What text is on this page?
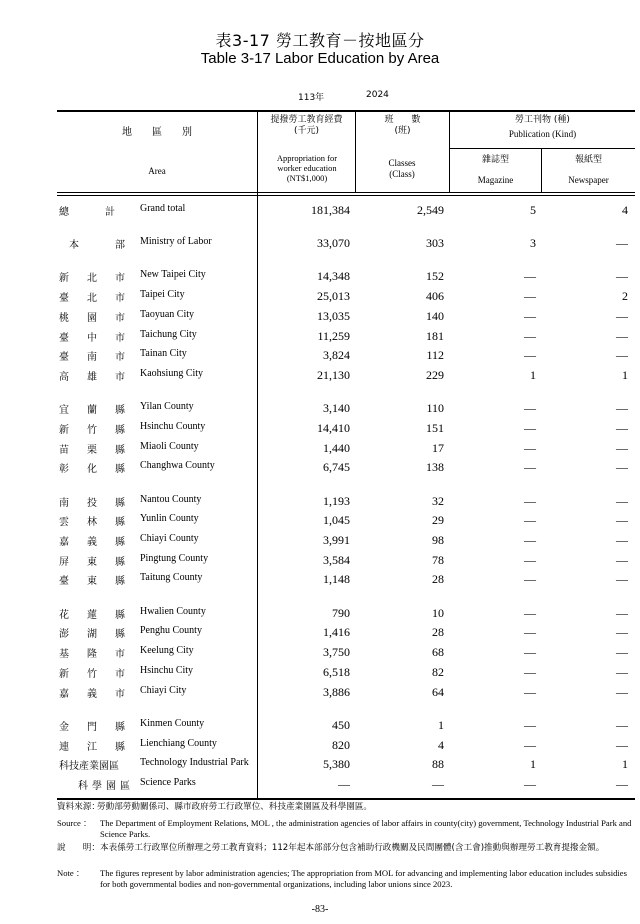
表3-17 勞工教育－按地區分
Table 3-17 Labor Education by Area
113年	2024
地　　區　　別
Area
提撥勞工教育經費
(千元)
Appropriation for worker education (NT$1,000)
班　　數
(班)
Classes (Class)
勞工刊物 (種)
Publication (Kind)
雜誌型
Magazine
報紙型
Newspaper
總	計	Grand total	181,384	2,549	5	4
本	部 Ministry of Labor	33,070	303	3	—
新 北 市 New Taipei City	14,348	152	—	—
臺 北 市 Taipei City	25,013	406	—	2
桃 園 市 Taoyuan City	13,035	140	—	—
臺 中 市 Taichung City	11,259	181	—	—
臺 南 市 Tainan City	3,824	112	—	—
高 雄 市 Kaohsiung City	21,130	229	1	1
宜 蘭 縣 Yilan County	3,140	110	—	—
新 竹 縣 Hsinchu County	14,410	151	—	—
苗 栗 縣 Miaoli County	1,440	17	—	—
彰 化 縣 Changhwa County	6,745	138	—	—
南 投 縣 Nantou County	1,193	32	—	—
雲 林 縣 Yunlin County	1,045	29	—	—
嘉 義 縣 Chiayi County	3,991	98	—	—
屏 東 縣 Pingtung County	3,584	78	—	—
臺 東 縣 Taitung County	1,148	28	—	—
花 蓮 縣 Hwalien County	790	10	—	—
澎 湖 縣 Penghu County	1,416	28	—	—
基 隆 市 Keelung City	3,750	68	—	—
新 竹 市 Hsinchu City	6,518	82	—	—
嘉 義 市 Chiayi City	3,886	64	—	—
金 門 縣 Kinmen County	450	1	—	—
連 江 縣 Lienchiang County	820	4	—	—
科技產業園區 Technology Industrial Park	5,380	88	1	1
科學園區 Science Parks	—	—	—	—
資料來源：
勞動部勞動關係司、縣市政府勞工行政單位、科技產業園區及科學園區。
Source ： The Department of Employment Relations, MOL , the administration agencies of labor affairs in county(city) government, Technology Industrial Park and Science Parks.
說　　明： 本表係勞工行政單位所辦理之勞工教育資料；112年起本部部分包含補助行政機關及民間團體(含工會)推動與辦理勞工教育提撥金額。
Note ： The figures represent by labor administration agencies; The appropriation from MOL for advancing and implementing labor education includes subsidies for both governmental bodies and non-governmental organizations, including labor unions since 2023.
-83-
